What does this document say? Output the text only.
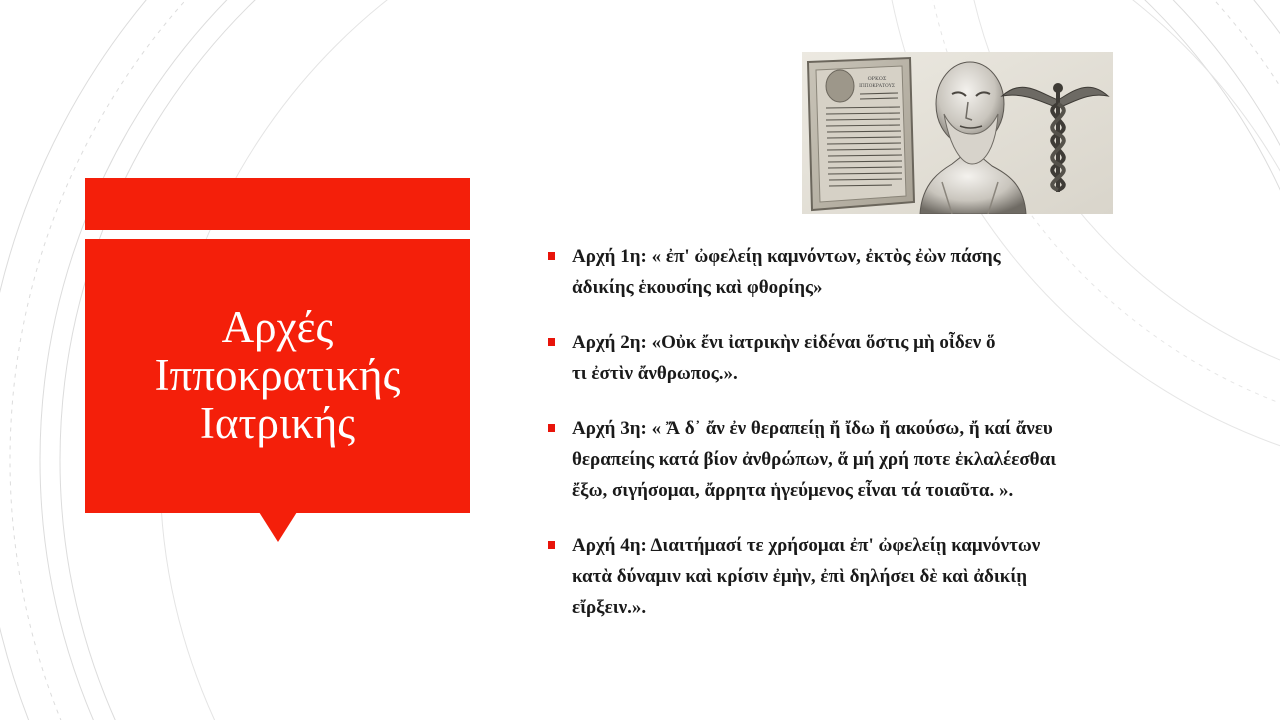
Αρχές
Ιπποκρατικής
Ιατρικής
ΟΡΚΟΣ
ΙΠΠΟΚΡΑΤΟΥΣ
Αρχή 1η: « ἐπ' ὠφελείῃ καμνόντων, ἐκτὸς ἐὼν πάσης
ἀδικίης ἑκουσίης καὶ φθορίης»
Αρχή 2η: «Οὐκ ἔνι ἰατρικὴν εἰδέναι ὅστις μὴ οἶδεν ὅ
τι ἐστὶν ἄνθρωπος.».
Αρχή 3η: « Ἄ δ᾽ ἄν ἐν θεραπείῃ ἤ ἴδω ἤ ακούσω, ἤ καί ἄνευ
θεραπείης κατά βίον ἀνθρώπων, ἅ μή χρή ποτε ἐκλαλέεσθαι
ἔξω, σιγήσομαι, ἄρρητα ἡγεύμενος εἶναι τά τοιαῦτα. ».
Αρχή 4η: Διαιτήμασί τε χρήσομαι ἐπ' ὠφελείῃ καμνόντων
κατὰ δύναμιν καὶ κρίσιν ἐμὴν, ἐπὶ δηλήσει δὲ καὶ ἀδικίῃ
εἴρξειν.».
